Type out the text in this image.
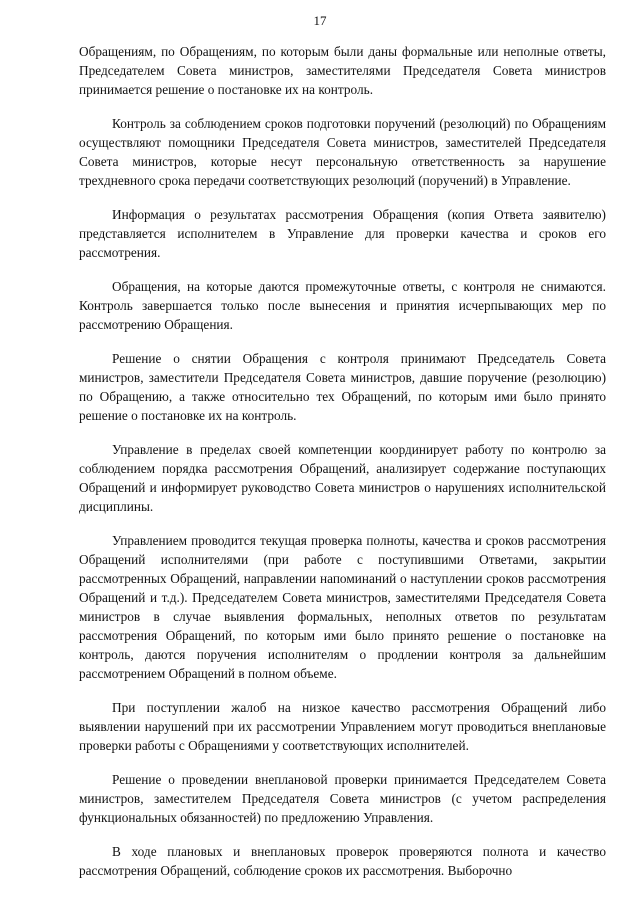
17

Обращениям, по Обращениям, по которым были даны формальные или неполные ответы, Председателем Совета министров, заместителями Председателя Совета министров принимается решение о постановке их на контроль.

Контроль за соблюдением сроков подготовки поручений (резолюций) по Обращениям осуществляют помощники Председателя Совета министров, заместителей Председателя Совета министров, которые несут персональную ответственность за нарушение трехдневного срока передачи соответствующих резолюций (поручений) в Управление.

Информация о результатах рассмотрения Обращения (копия Ответа заявителю) представляется исполнителем в Управление для проверки качества и сроков его рассмотрения.

Обращения, на которые даются промежуточные ответы, с контроля не снимаются. Контроль завершается только после вынесения и принятия исчерпывающих мер по рассмотрению Обращения.

Решение о снятии Обращения с контроля принимают Председатель Совета министров, заместители Председателя Совета министров, давшие поручение (резолюцию) по Обращению, а также относительно тех Обращений, по которым ими было принято решение о постановке их на контроль.

Управление в пределах своей компетенции координирует работу по контролю за соблюдением порядка рассмотрения Обращений, анализирует содержание поступающих Обращений и информирует руководство Совета министров о нарушениях исполнительской дисциплины.

Управлением проводится текущая проверка полноты, качества и сроков рассмотрения Обращений исполнителями (при работе с поступившими Ответами, закрытии рассмотренных Обращений, направлении напоминаний о наступлении сроков рассмотрения Обращений и т.д.). Председателем Совета министров, заместителями Председателя Совета министров в случае выявления формальных, неполных ответов по результатам рассмотрения Обращений, по которым ими было принято решение о постановке на контроль, даются поручения исполнителям о продлении контроля за дальнейшим рассмотрением Обращений в полном объеме.

При поступлении жалоб на низкое качество рассмотрения Обращений либо выявлении нарушений при их рассмотрении Управлением могут проводиться внеплановые проверки работы с Обращениями у соответствующих исполнителей.

Решение о проведении внеплановой проверки принимается Председателем Совета министров, заместителем Председателя Совета министров (с учетом распределения функциональных обязанностей) по предложению Управления.

В ходе плановых и внеплановых проверок проверяются полнота и качество рассмотрения Обращений, соблюдение сроков их рассмотрения. Выборочно
